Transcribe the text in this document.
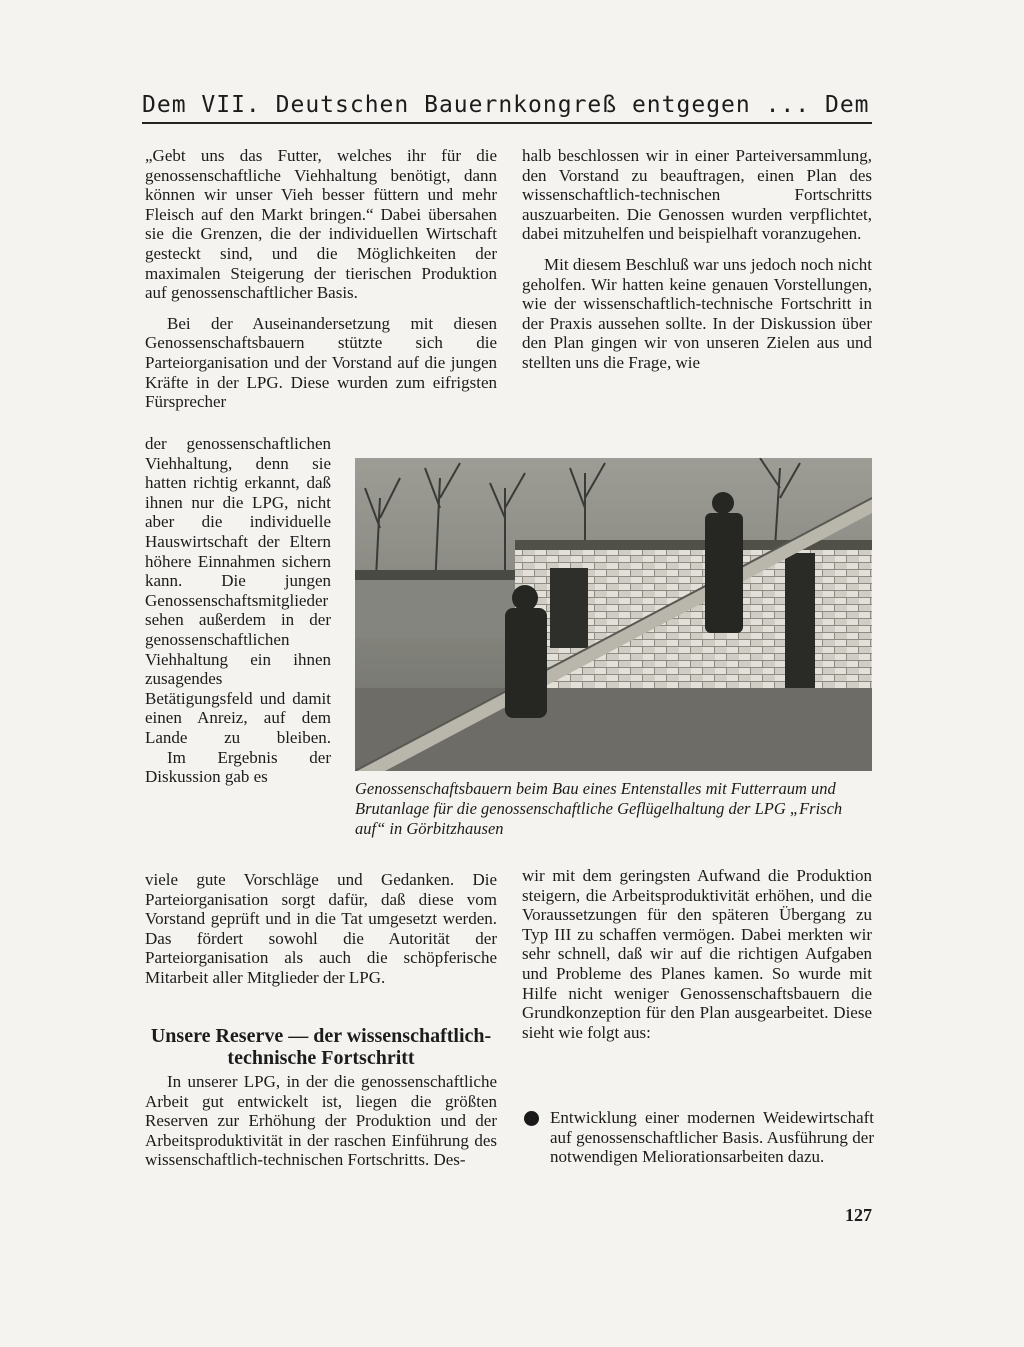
Dem VII. Deutschen Bauernkongreß entgegen ... Dem

„Gebt uns das Futter, welches ihr für die genossenschaftliche Viehhaltung benötigt, dann können wir unser Vieh besser füttern und mehr Fleisch auf den Markt bringen.“ Dabei übersahen sie die Grenzen, die der individuellen Wirtschaft gesteckt sind, und die Möglichkeiten der maximalen Steigerung der tierischen Produktion auf genossenschaftlicher Basis.

Bei der Auseinandersetzung mit diesen Genossenschaftsbauern stützte sich die Parteiorganisation und der Vorstand auf die jungen Kräfte in der LPG. Diese wurden zum eifrigsten Fürsprecher

der genossenschaftlichen Viehhaltung, denn sie hatten richtig erkannt, daß ihnen nur die LPG, nicht aber die individuelle Hauswirtschaft der Eltern höhere Einnahmen sichern kann. Die jungen Genossenschaftsmitglieder sehen außerdem in der genossenschaftlichen Viehhaltung ein ihnen zusagendes Betätigungsfeld und damit einen Anreiz, auf dem Lande zu bleiben.

Im Ergebnis der Diskussion gab es

viele gute Vorschläge und Gedanken. Die Parteiorganisation sorgt dafür, daß diese vom Vorstand geprüft und in die Tat umgesetzt werden. Das fördert sowohl die Autorität der Parteiorganisation als auch die schöpferische Mitarbeit aller Mitglieder der LPG.

Unsere Reserve — der wissenschaftlich-technische Fortschritt

In unserer LPG, in der die genossenschaftliche Arbeit gut entwickelt ist, liegen die größten Reserven zur Erhöhung der Produktion und der Arbeitsproduktivität in der raschen Einführung des wissenschaftlich-technischen Fortschritts. Des-

halb beschlossen wir in einer Parteiversammlung, den Vorstand zu beauftragen, einen Plan des wissenschaftlich-technischen Fortschritts auszuarbeiten. Die Genossen wurden verpflichtet, dabei mitzuhelfen und beispielhaft voranzugehen.

Mit diesem Beschluß war uns jedoch noch nicht geholfen. Wir hatten keine genauen Vorstellungen, wie der wissenschaftlich-technische Fortschritt in der Praxis aussehen sollte. In der Diskussion über den Plan gingen wir von unseren Zielen aus und stellten uns die Frage, wie

Genossenschaftsbauern beim Bau eines Entenstalles mit Futterraum und Brutanlage für die genossenschaftliche Geflügelhaltung der LPG „Frisch auf“ in Görbitzhausen

wir mit dem geringsten Aufwand die Produktion steigern, die Arbeitsproduktivität erhöhen, und die Voraussetzungen für den späteren Übergang zu Typ III zu schaffen vermögen. Dabei merkten wir sehr schnell, daß wir auf die richtigen Aufgaben und Probleme des Planes kamen. So wurde mit Hilfe nicht weniger Genossenschaftsbauern die Grundkonzeption für den Plan ausgearbeitet. Diese sieht wie folgt aus:

Entwicklung einer modernen Weidewirtschaft auf genossenschaftlicher Basis. Ausführung der notwendigen Meliorationsarbeiten dazu.
127
